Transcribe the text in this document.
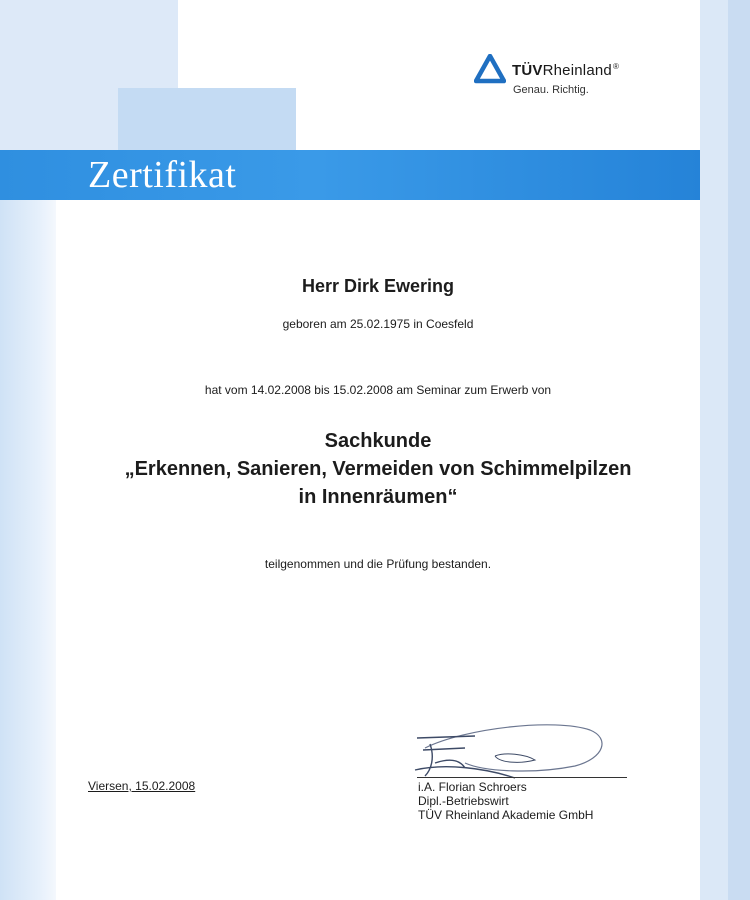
Zertifikat
TÜVRheinland®
Genau. Richtig.
Herr Dirk Ewering
geboren am 25.02.1975 in Coesfeld
hat vom 14.02.2008 bis 15.02.2008 am Seminar zum Erwerb von
Sachkunde
„Erkennen, Sanieren, Vermeiden von Schimmelpilzen
in Innenräumen“
teilgenommen und die Prüfung bestanden.
Viersen, 15.02.2008	i.A. Florian Schroers
Dipl.-Betriebswirt
TÜV Rheinland Akademie GmbH
